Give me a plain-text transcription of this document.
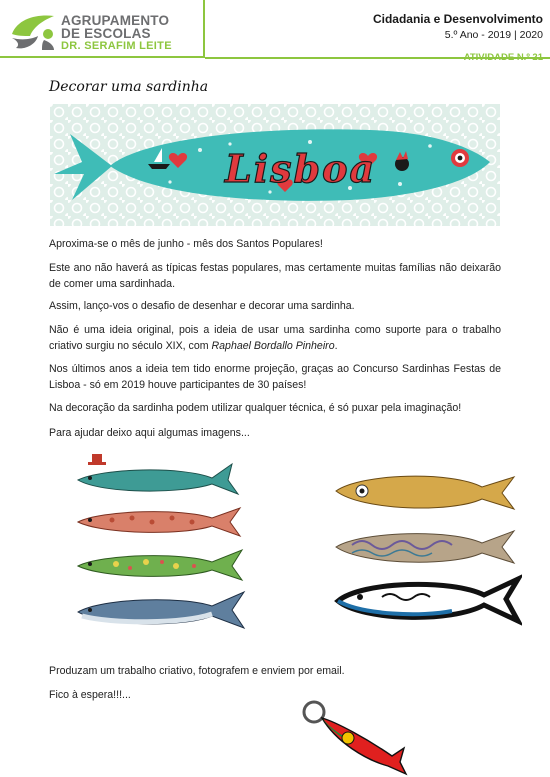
AGRUPAMENTO
DE ESCOLAS
DR. SERAFIM LEITE
Cidadania e Desenvolvimento
5.º Ano - 2019 | 2020
ATIVIDADE N.º 21
Decorar uma sardinha
Lisboa
Aproxima-se o mês de junho - mês dos Santos Populares!
Este ano não haverá as típicas festas populares, mas certamente muitas famílias não deixarão de comer uma sardinhada.
Assim, lanço-vos o desafio de desenhar e decorar uma sardinha.
Não é uma ideia original, pois a ideia de usar uma sardinha como suporte para o trabalho criativo surgiu no século XIX, com Raphael Bordallo Pinheiro.
Nos últimos anos a ideia tem tido enorme projeção, graças ao Concurso Sardinhas Festas de Lisboa - só em 2019 houve participantes de 30 países!
Na decoração da sardinha podem utilizar qualquer técnica, é só puxar pela imaginação!
Para ajudar deixo aqui algumas imagens...
Produzam um trabalho criativo, fotografem e enviem por email.
Fico à espera!!!...
